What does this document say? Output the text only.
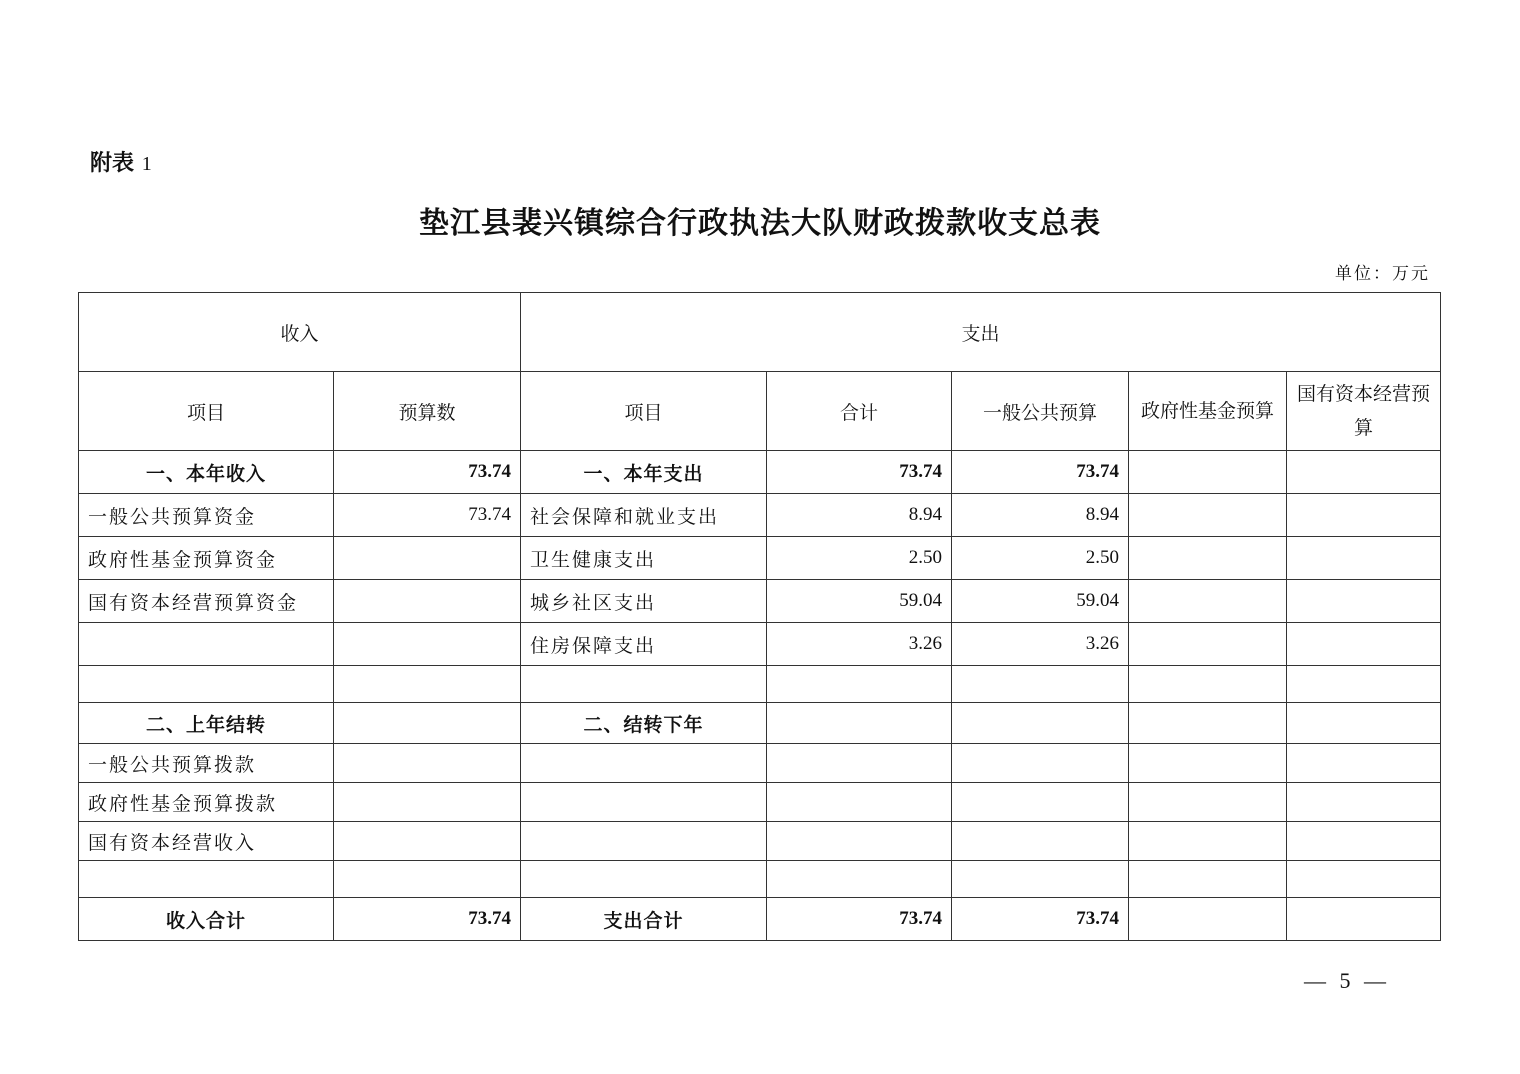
附表 1
垫江县裴兴镇综合行政执法大队财政拨款收支总表
单位：万元
收入		支出				
项目	预算数	项目	合计	一般公共预算	政府性基金预算	国有资本经营预算
一、本年收入	73.74	一、本年支出	73.74	73.74		
一般公共预算资金	73.74	社会保障和就业支出	8.94	8.94		
政府性基金预算资金		卫生健康支出	2.50	2.50		
国有资本经营预算资金		城乡社区支出	59.04	59.04		
		住房保障支出	3.26	3.26		

二、上年结转		二、结转下年				
一般公共预算拨款						
政府性基金预算拨款						
国有资本经营收入						

收入合计	73.74	支出合计	73.74	73.74		
— 5 —
